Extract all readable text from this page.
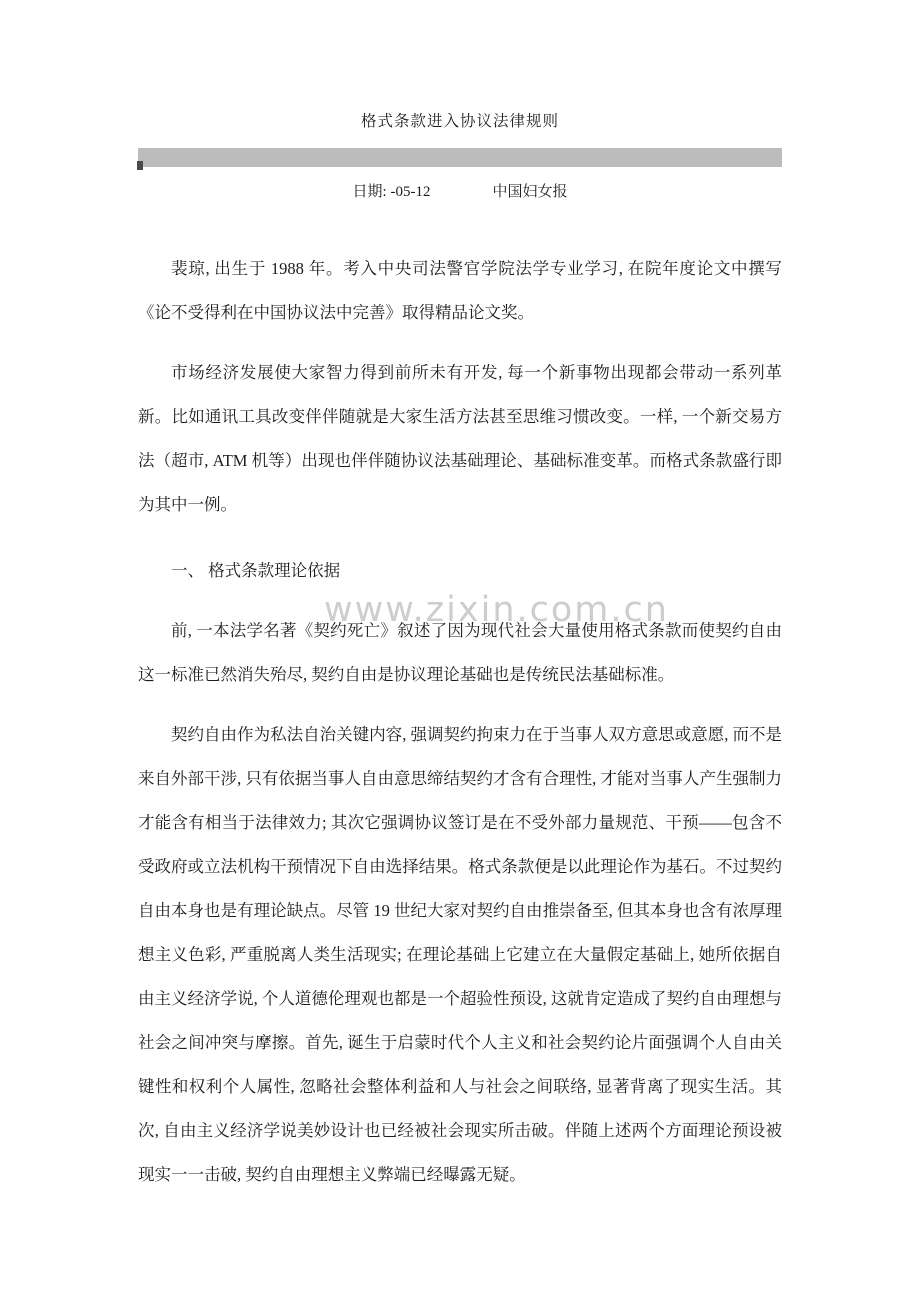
格式条款进入协议法律规则
日期: -05-12	中国妇女报
www.zixin.com.cn

裴琼, 出生于 1988 年。考入中央司法警官学院法学专业学习, 在院年度论文中撰写《论不受得利在中国协议法中完善》取得精品论文奖。

市场经济发展使大家智力得到前所未有开发, 每一个新事物出现都会带动一系列革新。比如通讯工具改变伴伴随就是大家生活方法甚至思维习惯改变。一样, 一个新交易方法（超市, ATM 机等）出现也伴伴随协议法基础理论、基础标准变革。而格式条款盛行即为其中一例。

一、 格式条款理论依据

前, 一本法学名著《契约死亡》叙述了因为现代社会大量使用格式条款而使契约自由这一标准已然消失殆尽, 契约自由是协议理论基础也是传统民法基础标准。

契约自由作为私法自治关键内容, 强调契约拘束力在于当事人双方意思或意愿, 而不是来自外部干涉, 只有依据当事人自由意思缔结契约才含有合理性, 才能对当事人产生强制力才能含有相当于法律效力; 其次它强调协议签订是在不受外部力量规范、干预——包含不受政府或立法机构干预情况下自由选择结果。格式条款便是以此理论作为基石。不过契约自由本身也是有理论缺点。尽管 19 世纪大家对契约自由推崇备至, 但其本身也含有浓厚理想主义色彩, 严重脱离人类生活现实; 在理论基础上它建立在大量假定基础上, 她所依据自由主义经济学说, 个人道德伦理观也都是一个超验性预设, 这就肯定造成了契约自由理想与社会之间冲突与摩擦。首先, 诞生于启蒙时代个人主义和社会契约论片面强调个人自由关键性和权利个人属性, 忽略社会整体利益和人与社会之间联络, 显著背离了现实生活。其次, 自由主义经济学说美妙设计也已经被社会现实所击破。伴随上述两个方面理论预设被现实一一击破, 契约自由理想主义弊端已经曝露无疑。
